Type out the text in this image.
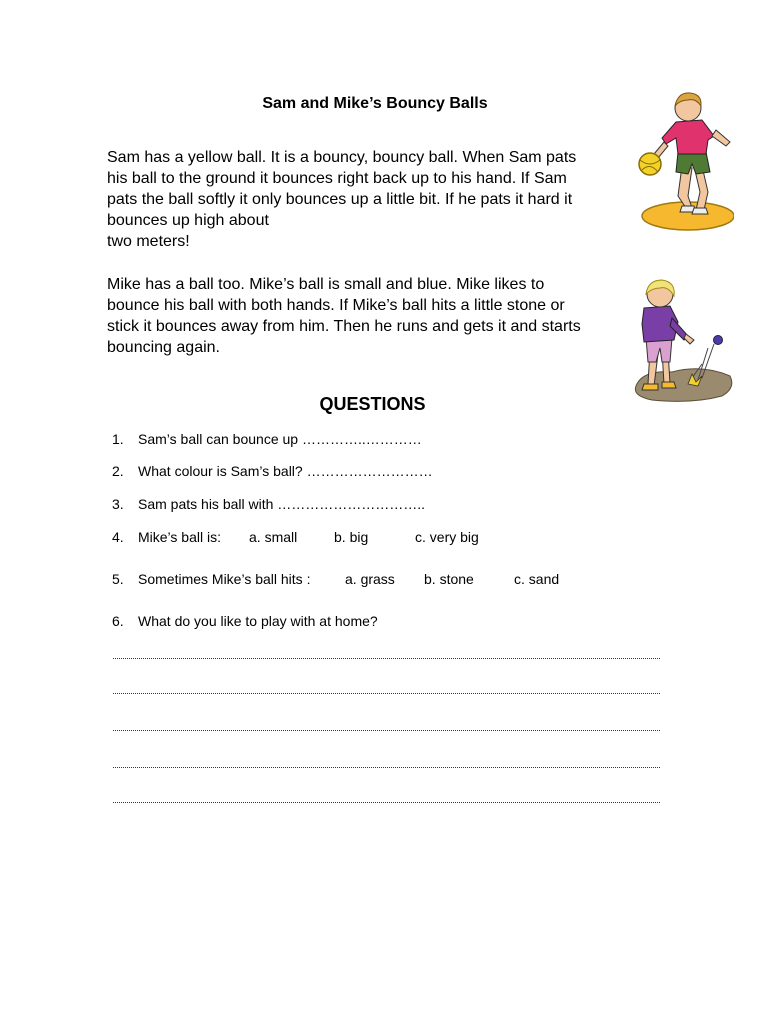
Sam and Mike’s Bouncy Balls
Sam has a yellow ball. It is a bouncy, bouncy ball. When Sam pats
his ball to the ground it bounces right back up to his hand. If Sam
pats the ball softly it only bounces up a little bit. If he pats it hard it
bounces up high about
two meters!
Mike has a ball too. Mike’s ball is small and blue. Mike likes to
bounce his ball with both hands. If Mike’s ball hits a little stone or
stick it bounces away from him. Then he runs and gets it and starts
bouncing again.
QUESTIONS
1. Sam’s ball can bounce up …………..…………
2. What colour is Sam’s ball? ………………………
3. Sam pats his ball with …………………………..
4. Mike’s ball is: a. small	b. big	c. very big
5. Sometimes Mike’s ball hits : a. grass b. stone	c. sand
6. What do you like to play with at home?
